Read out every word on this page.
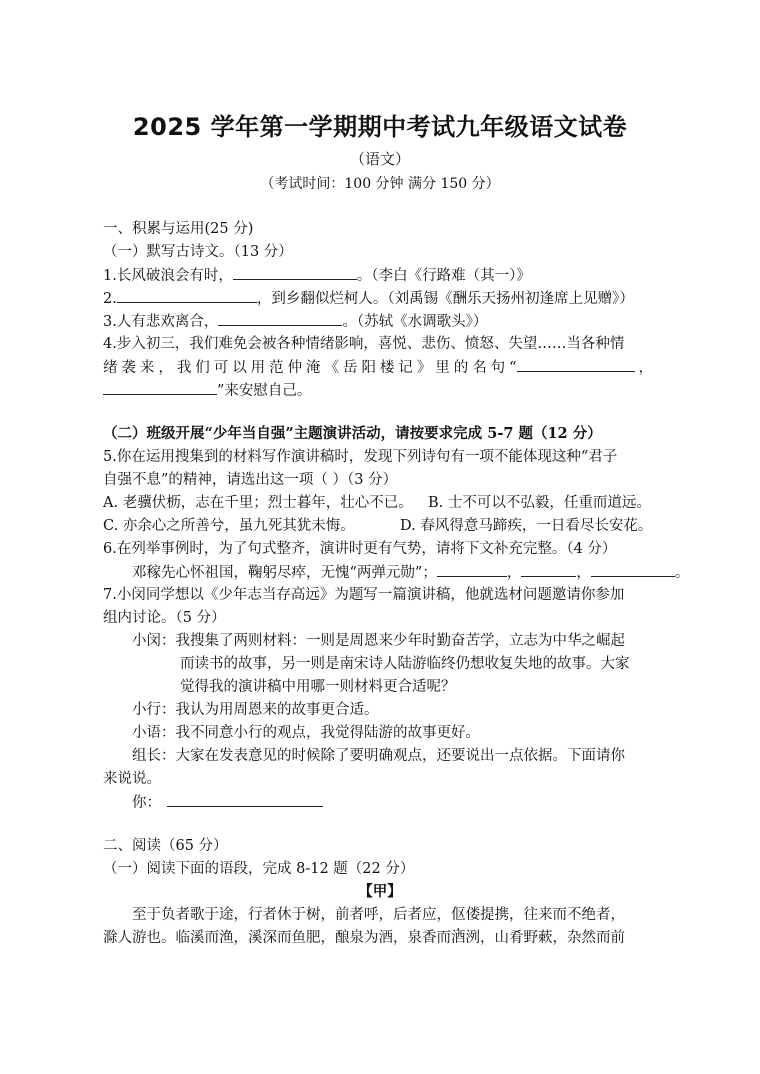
2025 学年第一学期期中考试九年级语文试卷
（语文）
（考试时间：100 分钟 满分 150 分）
一、积累与运用(25 分)
（一）默写古诗文。（13 分）
1.长风破浪会有时，	。（李白《行路难（其一）》
2.	，到乡翻似烂柯人。（刘禹锡《酬乐天扬州初逢席上见赠》）
3.人有悲欢离合，	。（苏轼《水调歌头》）
4.步入初三，我们难免会被各种情绪影响，喜悦、悲伤、愤怒、失望……当各种情
绪袭来，我们可以用范仲淹《岳阳楼记》里的名句“	，
”来安慰自己。
（二）班级开展“少年当自强”主题演讲活动，请按要求完成 5-7 题（12 分）
5.你在运用搜集到的材料写作演讲稿时，发现下列诗句有一项不能体现这种“君子
自强不息”的精神，请选出这一项（ ）（3 分）
A. 老骥伏枥，志在千里；烈士暮年，壮心不已。 B. 士不可以不弘毅，任重而道远。
C. 亦余心之所善兮，虽九死其犹未悔。	D. 春风得意马蹄疾，一日看尽长安花。
6.在列举事例时，为了句式整齐，演讲时更有气势，请将下文补充完整。（4 分）
邓稼先心怀祖国，鞠躬尽瘁，无愧“两弹元勋”；	，	，	。
7.小闵同学想以《少年志当存高远》为题写一篇演讲稿，他就选材问题邀请你参加
组内讨论。（5 分）
小闵：我搜集了两则材料：一则是周恩来少年时勤奋苦学，立志为中华之崛起
而读书的故事，另一则是南宋诗人陆游临终仍想收复失地的故事。大家
觉得我的演讲稿中用哪一则材料更合适呢？
小行：我认为用周恩来的故事更合适。
小语：我不同意小行的观点，我觉得陆游的故事更好。
组长：大家在发表意见的时候除了要明确观点，还要说出一点依据。下面请你
来说说。
你：
二、阅读（65 分）
（一）阅读下面的语段，完成 8-12 题（22 分）
【甲】
至于负者歌于途，行者休于树，前者呼，后者应，伛偻提携，往来而不绝者，
滁人游也。临溪而渔，溪深而鱼肥，酿泉为酒，泉香而酒洌，山肴野蔌，杂然而前
